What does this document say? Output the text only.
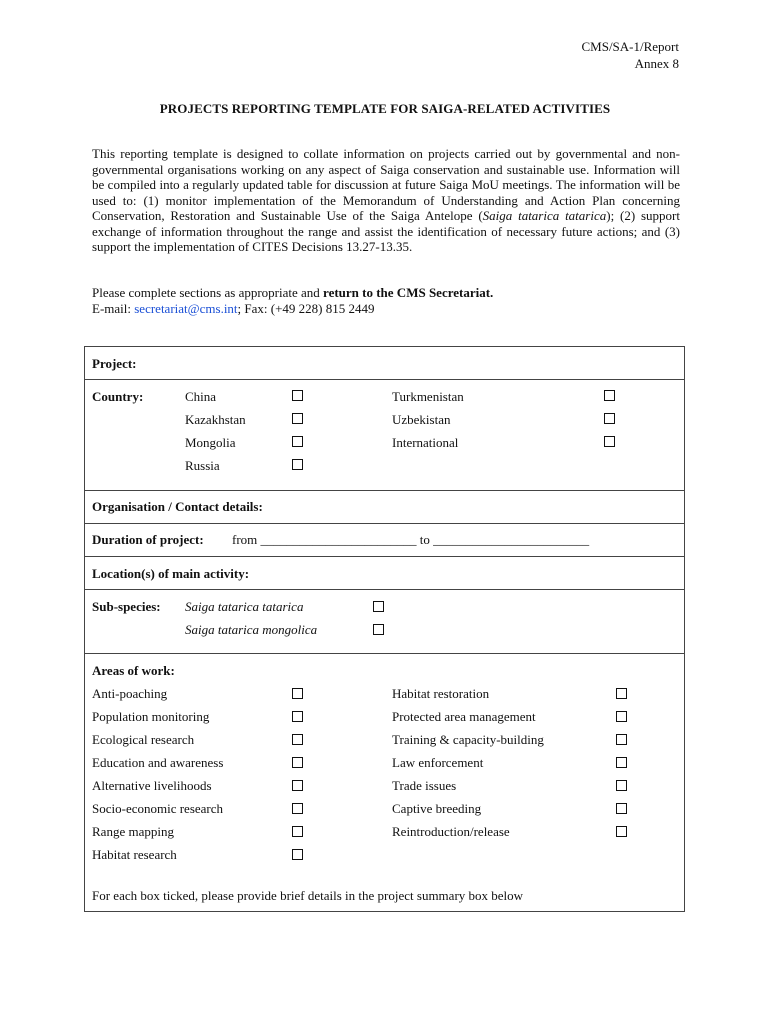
CMS/SA-1/Report
Annex 8
PROJECTS REPORTING TEMPLATE FOR SAIGA-RELATED ACTIVITIES

This reporting template is designed to collate information on projects carried out by governmental and non-governmental organisations working on any aspect of Saiga conservation and sustainable use. Information will be compiled into a regularly updated table for discussion at future Saiga MoU meetings. The information will be used to: (1) monitor implementation of the Memorandum of Understanding and Action Plan concerning Conservation, Restoration and Sustainable Use of the Saiga Antelope (Saiga tatarica tatarica); (2) support exchange of information throughout the range and assist the identification of necessary future actions; and (3) support the implementation of CITES Decisions 13.27-13.35.

Please complete sections as appropriate and return to the CMS Secretariat.
E-mail: secretariat@cms.int; Fax: (+49 228) 815 2449
Project:
Country:	China
Kazakhstan
Mongolia
Russia
Turkmenistan
Uzbekistan
International
Organisation / Contact details:
Duration of project: from ________________________ to ________________________
Location(s) of main activity:
Sub-species: Saiga tatarica tatarica
Saiga tatarica mongolica
Areas of work:
Anti-poaching
Population monitoring
Ecological research
Education and awareness
Alternative livelihoods
Socio-economic research
Range mapping
Habitat research
Habitat restoration
Protected area management
Training & capacity-building
Law enforcement
Trade issues
Captive breeding
Reintroduction/release
For each box ticked, please provide brief details in the project summary box below
